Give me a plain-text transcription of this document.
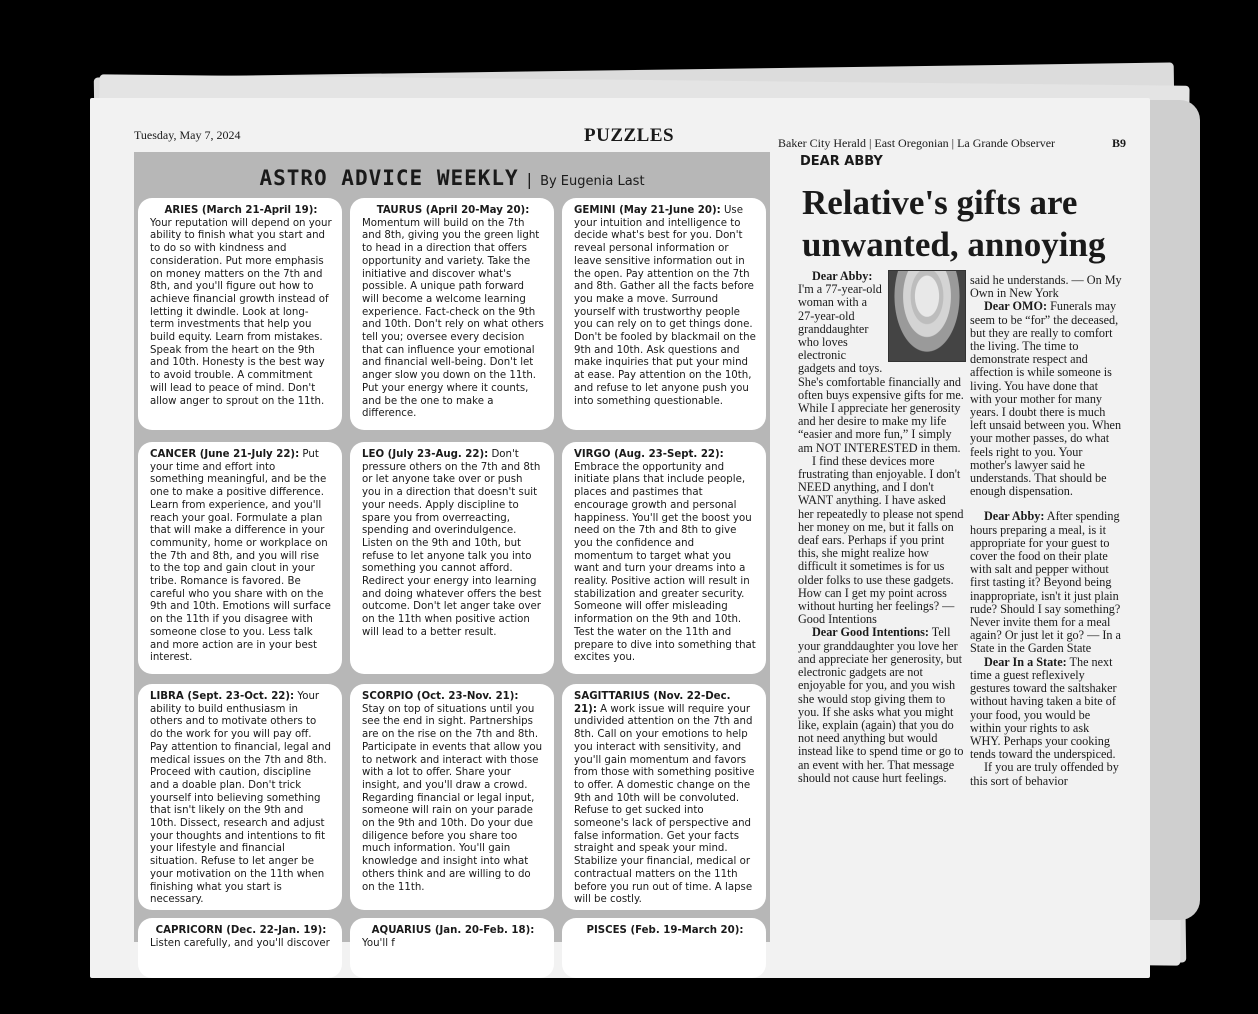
Tuesday, May 7, 2024	PUZZLES	Baker City Herald | East Oregonian | La Grande Observer	B9
ASTRO ADVICE WEEKLY | By Eugenia Last
ARIES (March 21-April 19):
Your reputation will depend on your ability to finish what you start and to do so with kindness and consideration. Put more emphasis on money matters on the 7th and 8th, and you'll figure out how to achieve financial growth instead of letting it dwindle. Look at long-term investments that help you build equity. Learn from mistakes. Speak from the heart on the 9th and 10th. Honesty is the best way to avoid trouble. A commitment will lead to peace of mind. Don't allow anger to sprout on the 11th.
TAURUS (April 20-May 20):
Momentum will build on the 7th and 8th, giving you the green light to head in a direction that offers opportunity and variety. Take the initiative and discover what's possible. A unique path forward will become a welcome learning experience. Fact-check on the 9th and 10th. Don't rely on what others tell you; oversee every decision that can influence your emotional and financial well-being. Don't let anger slow you down on the 11th. Put your energy where it counts, and be the one to make a difference.
GEMINI (May 21-June 20): Use your intuition and intelligence to decide what's best for you. Don't reveal personal information or leave sensitive information out in the open. Pay attention on the 7th and 8th. Gather all the facts before you make a move. Surround yourself with trustworthy people you can rely on to get things done. Don't be fooled by blackmail on the 9th and 10th. Ask questions and make inquiries that put your mind at ease. Pay attention on the 10th, and refuse to let anyone push you into something questionable.
CANCER (June 21-July 22): Put your time and effort into something meaningful, and be the one to make a positive difference. Learn from experience, and you'll reach your goal. Formulate a plan that will make a difference in your community, home or workplace on the 7th and 8th, and you will rise to the top and gain clout in your tribe. Romance is favored. Be careful who you share with on the 9th and 10th. Emotions will surface on the 11th if you disagree with someone close to you. Less talk and more action are in your best interest.
LEO (July 23-Aug. 22): Don't pressure others on the 7th and 8th or let anyone take over or push you in a direction that doesn't suit your needs. Apply discipline to spare you from overreacting, spending and overindulgence. Listen on the 9th and 10th, but refuse to let anyone talk you into something you cannot afford. Redirect your energy into learning and doing whatever offers the best outcome. Don't let anger take over on the 11th when positive action will lead to a better result.
VIRGO (Aug. 23-Sept. 22): Embrace the opportunity and initiate plans that include people, places and pastimes that encourage growth and personal happiness. You'll get the boost you need on the 7th and 8th to give you the confidence and momentum to target what you want and turn your dreams into a reality. Positive action will result in stabilization and greater security. Someone will offer misleading information on the 9th and 10th. Test the water on the 11th and prepare to dive into something that excites you.
LIBRA (Sept. 23-Oct. 22): Your ability to build enthusiasm in others and to motivate others to do the work for you will pay off. Pay attention to financial, legal and medical issues on the 7th and 8th. Proceed with caution, discipline and a doable plan. Don't trick yourself into believing something that isn't likely on the 9th and 10th. Dissect, research and adjust your thoughts and intentions to fit your lifestyle and financial situation. Refuse to let anger be your motivation on the 11th when finishing what you start is necessary.
SCORPIO (Oct. 23-Nov. 21): Stay on top of situations until you see the end in sight. Partnerships are on the rise on the 7th and 8th. Participate in events that allow you to network and interact with those with a lot to offer. Share your insight, and you'll draw a crowd. Regarding financial or legal input, someone will rain on your parade on the 9th and 10th. Do your due diligence before you share too much information. You'll gain knowledge and insight into what others think and are willing to do on the 11th.
SAGITTARIUS (Nov. 22-Dec. 21): A work issue will require your undivided attention on the 7th and 8th. Call on your emotions to help you interact with sensitivity, and you'll gain momentum and favors from those with something positive to offer. A domestic change on the 9th and 10th will be convoluted. Refuse to get sucked into someone's lack of perspective and false information. Get your facts straight and speak your mind. Stabilize your financial, medical or contractual matters on the 11th before you run out of time. A lapse will be costly.
CAPRICORN (Dec. 22-Jan. 19):
Listen carefully, and you'll discover
AQUARIUS (Jan. 20-Feb. 18):
You'll f
PISCES (Feb. 19-March 20):
DEAR ABBY
Relative's gifts are unwanted, annoying

Dear Abby: I'm a 77-year-old woman with a 27-year-old granddaughter who loves electronic gadgets and toys. She's comfortable financially and often buys expensive gifts for me. While I appreciate her generosity and her desire to make my life “easier and more fun,” I simply am NOT INTERESTED in them.

I find these devices more frustrating than enjoyable. I don't NEED anything, and I don't WANT anything. I have asked her repeatedly to please not spend her money on me, but it falls on deaf ears. Perhaps if you print this, she might realize how difficult it sometimes is for us older folks to use these gadgets. How can I get my point across without hurting her feelings? — Good Intentions

Dear Good Intentions: Tell your granddaughter you love her and appreciate her generosity, but electronic gadgets are not enjoyable for you, and you wish she would stop giving them to you. If she asks what you might like, explain (again) that you do not need anything but would instead like to spend time or go to an event with her. That message should not cause hurt feelings.

said he understands. — On My Own in New York

Dear OMO: Funerals may seem to be “for” the deceased, but they are really to comfort the living. The time to demonstrate respect and affection is while someone is living. You have done that with your mother for many years. I doubt there is much left unsaid between you. When your mother passes, do what feels right to you. Your mother's lawyer said he understands. That should be enough dispensation.

Dear Abby: After spending hours preparing a meal, is it appropriate for your guest to cover the food on their plate with salt and pepper without first tasting it? Beyond being inappropriate, isn't it just plain rude? Should I say something? Never invite them for a meal again? Or just let it go? — In a State in the Garden State

Dear In a State: The next time a guest reflexively gestures toward the saltshaker without having taken a bite of your food, you would be within your rights to ask WHY. Perhaps your cooking tends toward the underspiced.

If you are truly offended by this sort of behavior
